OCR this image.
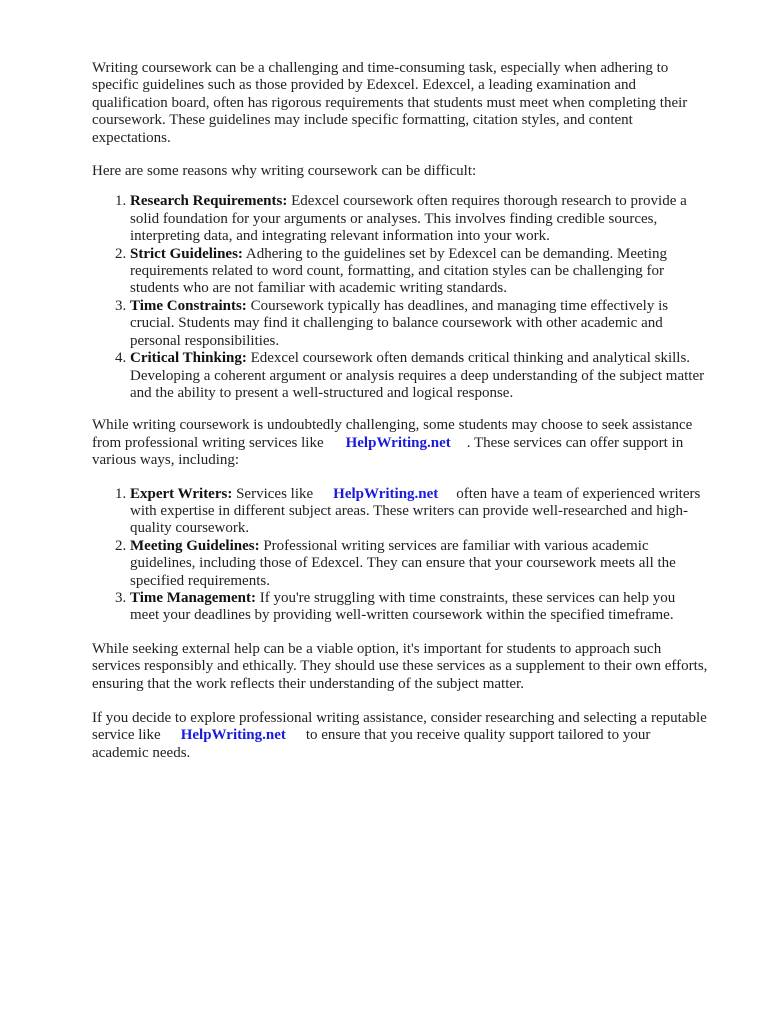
Writing coursework can be a challenging and time-consuming task, especially when adhering to specific guidelines such as those provided by Edexcel. Edexcel, a leading examination and qualification board, often has rigorous requirements that students must meet when completing their coursework. These guidelines may include specific formatting, citation styles, and content expectations.

Here are some reasons why writing coursework can be difficult:

1. Research Requirements: Edexcel coursework often requires thorough research to provide a solid foundation for your arguments or analyses. This involves finding credible sources, interpreting data, and integrating relevant information into your work.
2. Strict Guidelines: Adhering to the guidelines set by Edexcel can be demanding. Meeting requirements related to word count, formatting, and citation styles can be challenging for students who are not familiar with academic writing standards.
3. Time Constraints: Coursework typically has deadlines, and managing time effectively is crucial. Students may find it challenging to balance coursework with other academic and personal responsibilities.
4. Critical Thinking: Edexcel coursework often demands critical thinking and analytical skills. Developing a coherent argument or analysis requires a deep understanding of the subject matter and the ability to present a well-structured and logical response.

While writing coursework is undoubtedly challenging, some students may choose to seek assistance from professional writing services like HelpWriting.net . These services can offer support in various ways, including:

1. Expert Writers: Services like HelpWriting.net often have a team of experienced writers with expertise in different subject areas. These writers can provide well-researched and high-quality coursework.
2. Meeting Guidelines: Professional writing services are familiar with various academic guidelines, including those of Edexcel. They can ensure that your coursework meets all the specified requirements.
3. Time Management: If you're struggling with time constraints, these services can help you meet your deadlines by providing well-written coursework within the specified timeframe.

While seeking external help can be a viable option, it's important for students to approach such services responsibly and ethically. They should use these services as a supplement to their own efforts, ensuring that the work reflects their understanding of the subject matter.

If you decide to explore professional writing assistance, consider researching and selecting a reputable service like HelpWriting.net to ensure that you receive quality support tailored to your academic needs.
